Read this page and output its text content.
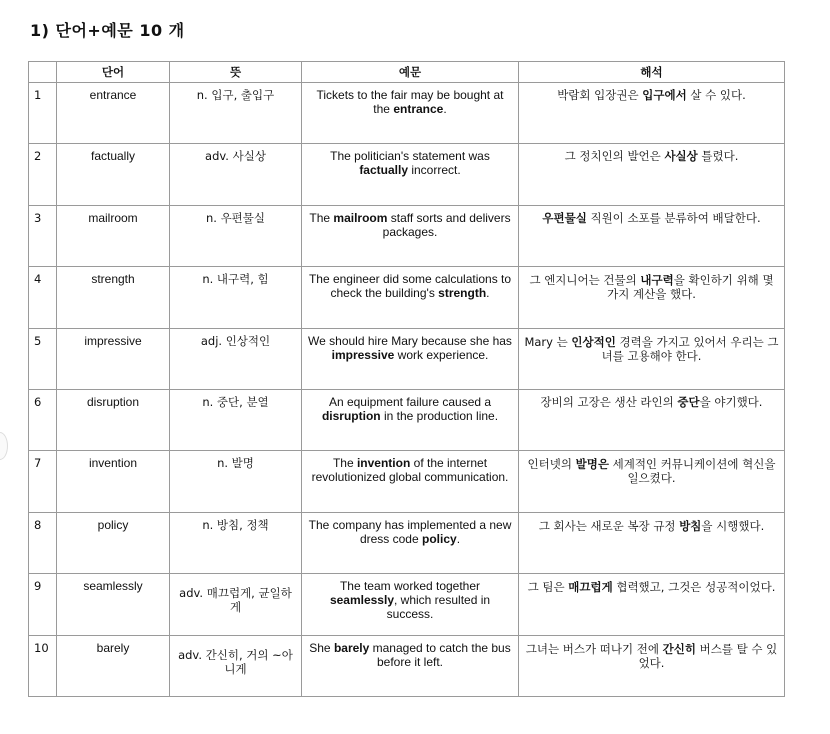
1) 단어+예문 10 개
	단어	뜻	예문	해석
1	entrance	n. 입구, 출입구	Tickets to the fair may be bought at the entrance.	박람회 입장권은 입구에서 살 수 있다.
2	factually	adv. 사실상	The politician's statement was factually incorrect.	그 정치인의 발언은 사실상 틀렸다.
3	mailroom	n. 우편물실	The mailroom staff sorts and delivers packages.	우편물실 직원이 소포를 분류하여 배달한다.
4	strength	n. 내구력, 힘	The engineer did some calculations to check the building's strength.	그 엔지니어는 건물의 내구력을 확인하기 위해 몇 가지 계산을 했다.
5	impressive	adj. 인상적인	We should hire Mary because she has impressive work experience.	Mary 는 인상적인 경력을 가지고 있어서 우리는 그녀를 고용해야 한다.
6	disruption	n. 중단, 분열	An equipment failure caused a disruption in the production line.	장비의 고장은 생산 라인의 중단을 야기했다.
7	invention	n. 발명	The invention of the internet revolutionized global communication.	인터넷의 발명은 세계적인 커뮤니케이션에 혁신을 일으켰다.
8	policy	n. 방침, 정책	The company has implemented a new dress code policy.	그 회사는 새로운 복장 규정 방침을 시행했다.
9	seamlessly	adv. 매끄럽게, 균일하게	The team worked together seamlessly, which resulted in success.	그 팀은 매끄럽게 협력했고, 그것은 성공적이었다.
10	barely	adv. 간신히, 거의 ~아니게	She barely managed to catch the bus before it left.	그녀는 버스가 떠나기 전에 간신히 버스를 탈 수 있었다.
